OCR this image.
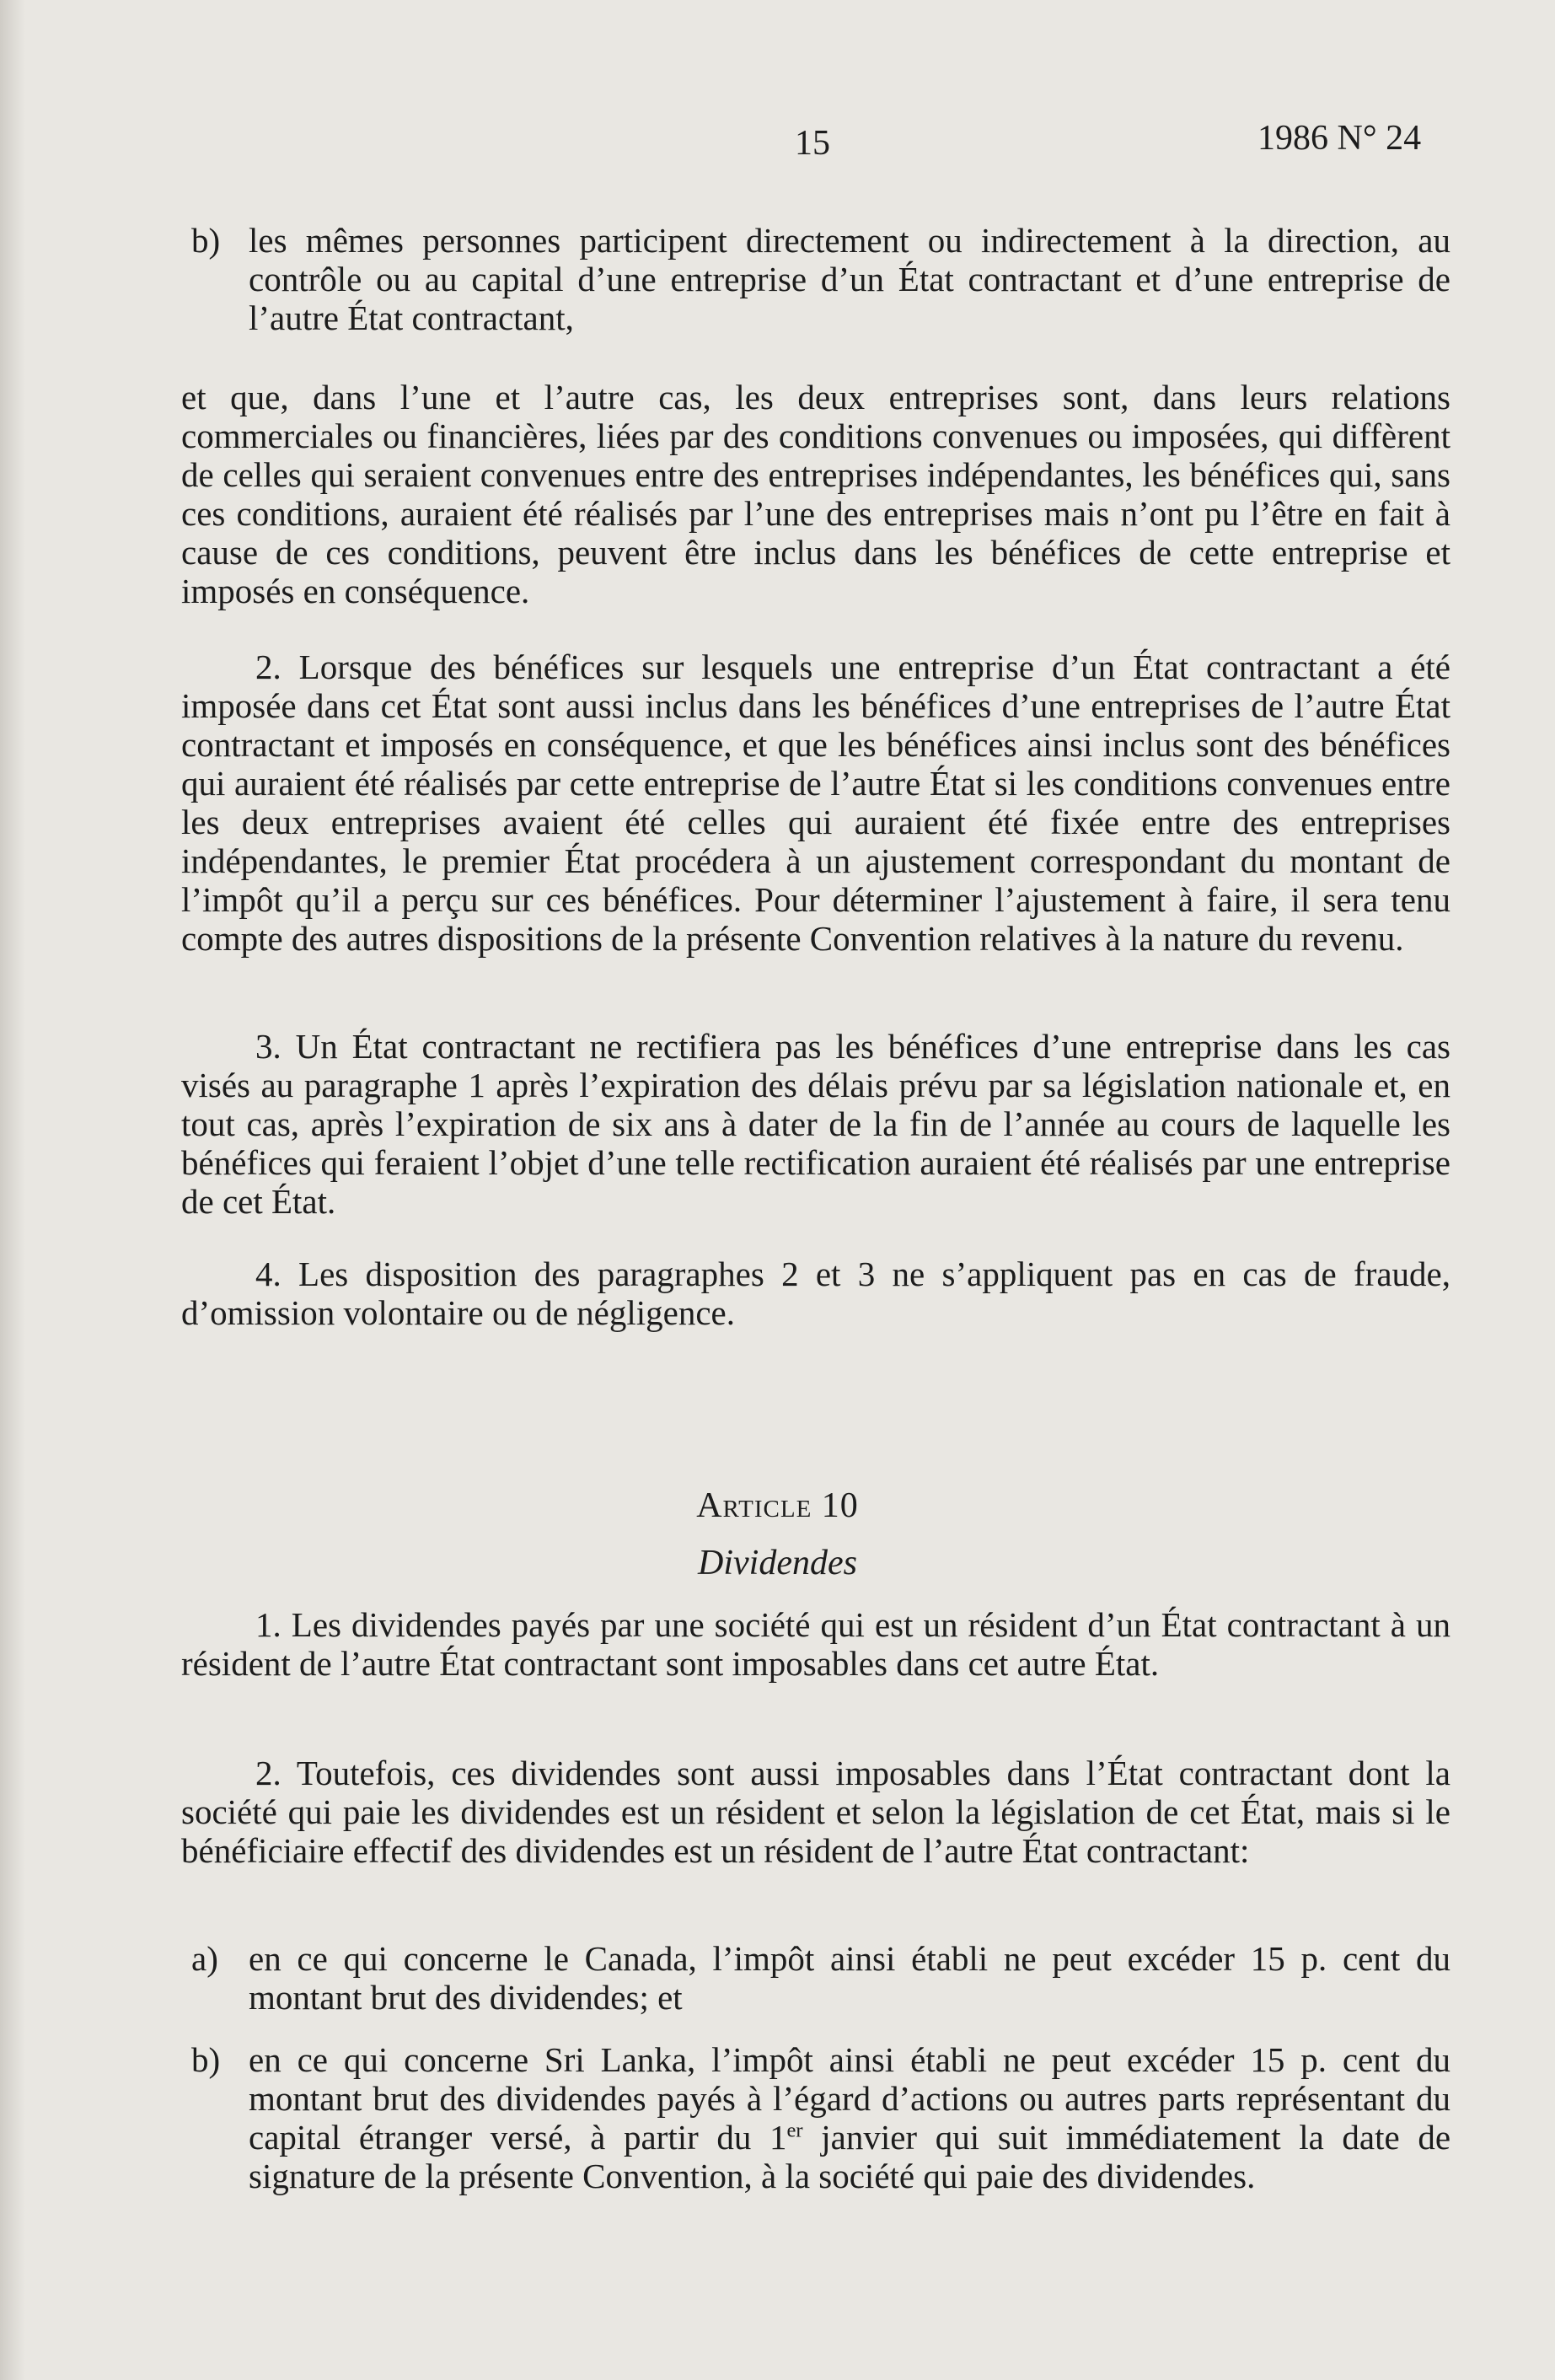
15	1986 N° 24
b) les mêmes personnes participent directement ou indirectement à la direction, au contrôle ou au capital d’une entreprise d’un État contractant et d’une entreprise de l’autre État contractant,
et que, dans l’une et l’autre cas, les deux entreprises sont, dans leurs relations commerciales ou financières, liées par des conditions convenues ou imposées, qui diffèrent de celles qui seraient convenues entre des entreprises indépendantes, les bénéfices qui, sans ces conditions, auraient été réalisés par l’une des entreprises mais n’ont pu l’être en fait à cause de ces conditions, peuvent être inclus dans les bénéfices de cette entreprise et imposés en conséquence.
2. Lorsque des bénéfices sur lesquels une entreprise d’un État contractant a été imposée dans cet État sont aussi inclus dans les bénéfices d’une entreprises de l’autre État contractant et imposés en conséquence, et que les bénéfices ainsi inclus sont des bénéfices qui auraient été réalisés par cette entreprise de l’autre État si les conditions convenues entre les deux entreprises avaient été celles qui auraient été fixée entre des entreprises indépendantes, le premier État procédera à un ajustement correspondant du montant de l’impôt qu’il a perçu sur ces bénéfices. Pour déterminer l’ajustement à faire, il sera tenu compte des autres dispositions de la présente Convention relatives à la nature du revenu.
3. Un État contractant ne rectifiera pas les bénéfices d’une entreprise dans les cas visés au paragraphe 1 après l’expiration des délais prévu par sa législation nationale et, en tout cas, après l’expiration de six ans à dater de la fin de l’année au cours de laquelle les bénéfices qui feraient l’objet d’une telle rectification auraient été réalisés par une entreprise de cet État.
4. Les disposition des paragraphes 2 et 3 ne s’appliquent pas en cas de fraude, d’omission volontaire ou de négligence.
Article 10
Dividendes
1. Les dividendes payés par une société qui est un résident d’un État contractant à un résident de l’autre État contractant sont imposables dans cet autre État.
2. Toutefois, ces dividendes sont aussi imposables dans l’État contractant dont la société qui paie les dividendes est un résident et selon la législation de cet État, mais si le bénéficiaire effectif des dividendes est un résident de l’autre État contractant:
a) en ce qui concerne le Canada, l’impôt ainsi établi ne peut excéder 15 p. cent du montant brut des dividendes; et
b) en ce qui concerne Sri Lanka, l’impôt ainsi établi ne peut excéder 15 p. cent du montant brut des dividendes payés à l’égard d’actions ou autres parts représentant du capital étranger versé, à partir du 1er janvier qui suit immédiatement la date de signature de la présente Convention, à la société qui paie des dividendes.
